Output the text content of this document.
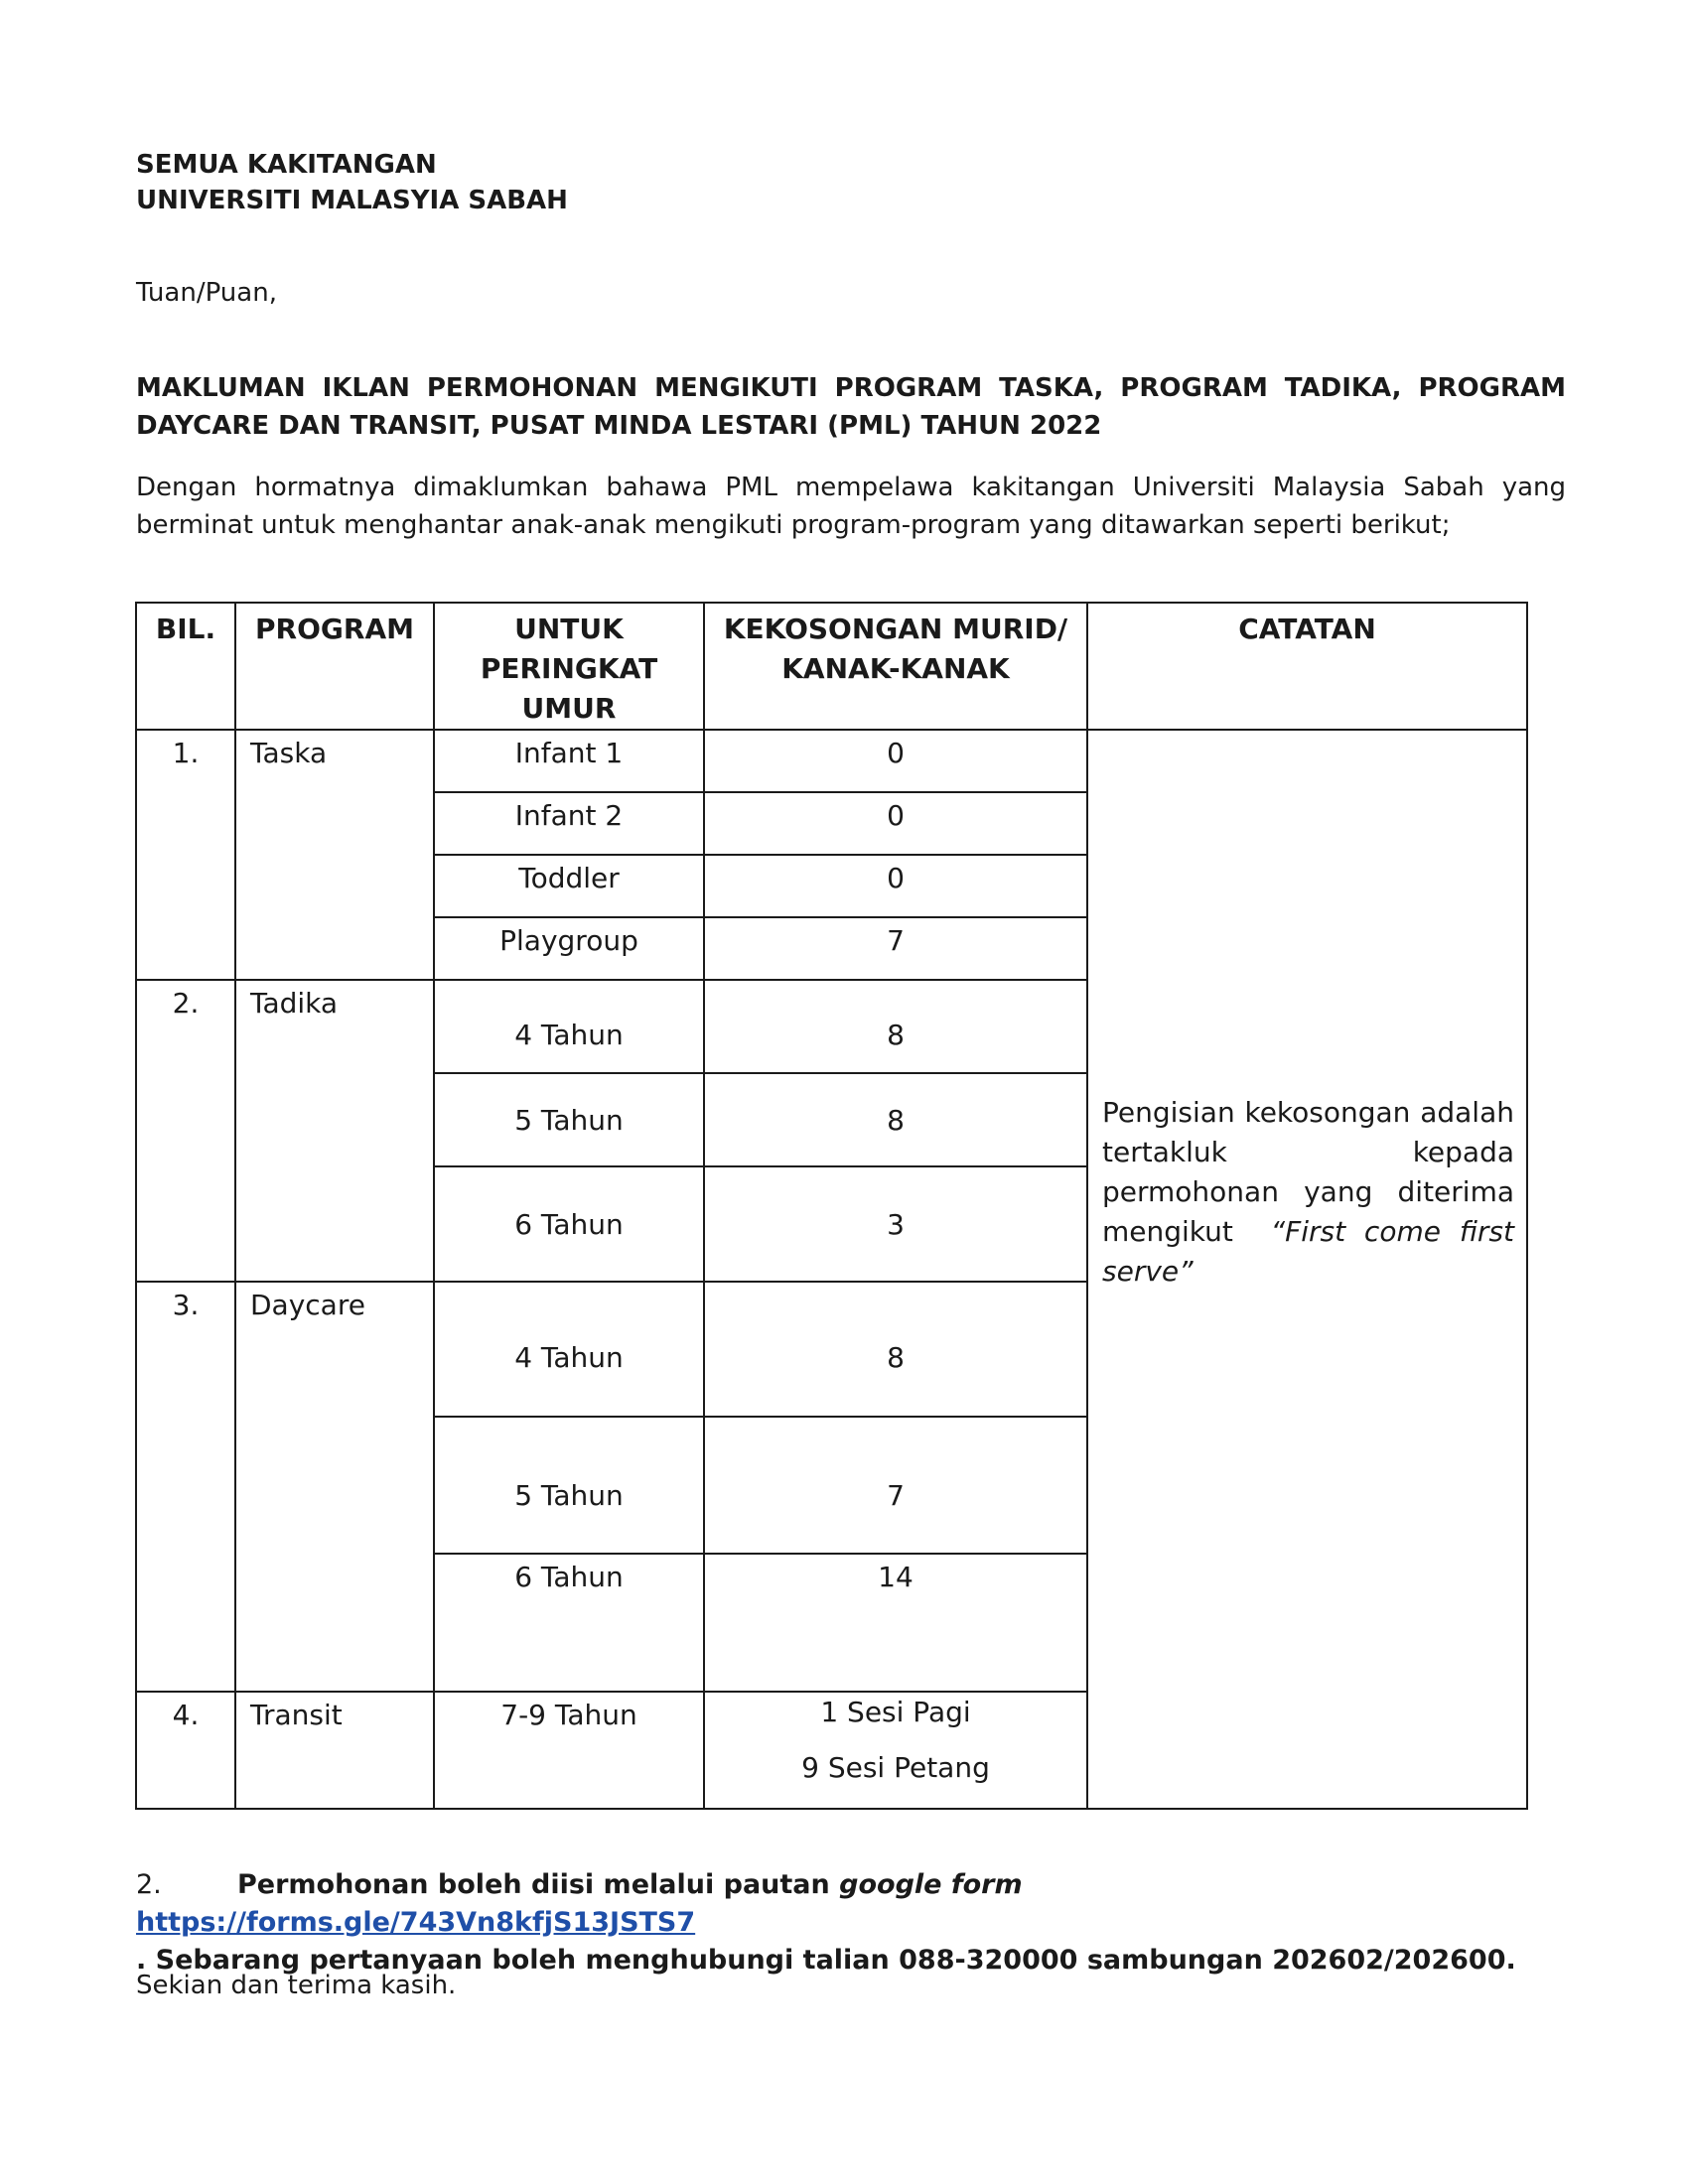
SEMUA KAKITANGAN
UNIVERSITI MALASYIA SABAH
Tuan/Puan,
MAKLUMAN IKLAN PERMOHONAN MENGIKUTI PROGRAM TASKA, PROGRAM TADIKA, PROGRAM DAYCARE DAN TRANSIT, PUSAT MINDA LESTARI (PML) TAHUN 2022
Dengan hormatnya dimaklumkan bahawa PML mempelawa kakitangan Universiti Malaysia Sabah yang berminat untuk menghantar anak-anak mengikuti program-program yang ditawarkan seperti berikut;
BIL.	PROGRAM	UNTUK PERINGKAT UMUR	KEKOSONGAN MURID/ KANAK-KANAK	CATATAN
1.	Taska	Infant 1	0	Pengisian kekosongan adalah tertakluk kepada permohonan yang diterima mengikut “First come first serve”

		Infant 2	0	
		Toddler	0	
		Playgroup	7	
2.	Tadika	4 Tahun	8	
		5 Tahun	8	
		6 Tahun	3	
3.	Daycare	4 Tahun	8	
		5 Tahun	7	
		6 Tahun	14	
4.	Transit	7-9 Tahun	1 Sesi Pagi
9 Sesi Petang	
2.	Permohonan boleh diisi melalui pautan google form https://forms.gle/743Vn8kfjS13JSTS7
. Sebarang pertanyaan boleh menghubungi talian 088-320000 sambungan 202602/202600.
Sekian dan terima kasih.
